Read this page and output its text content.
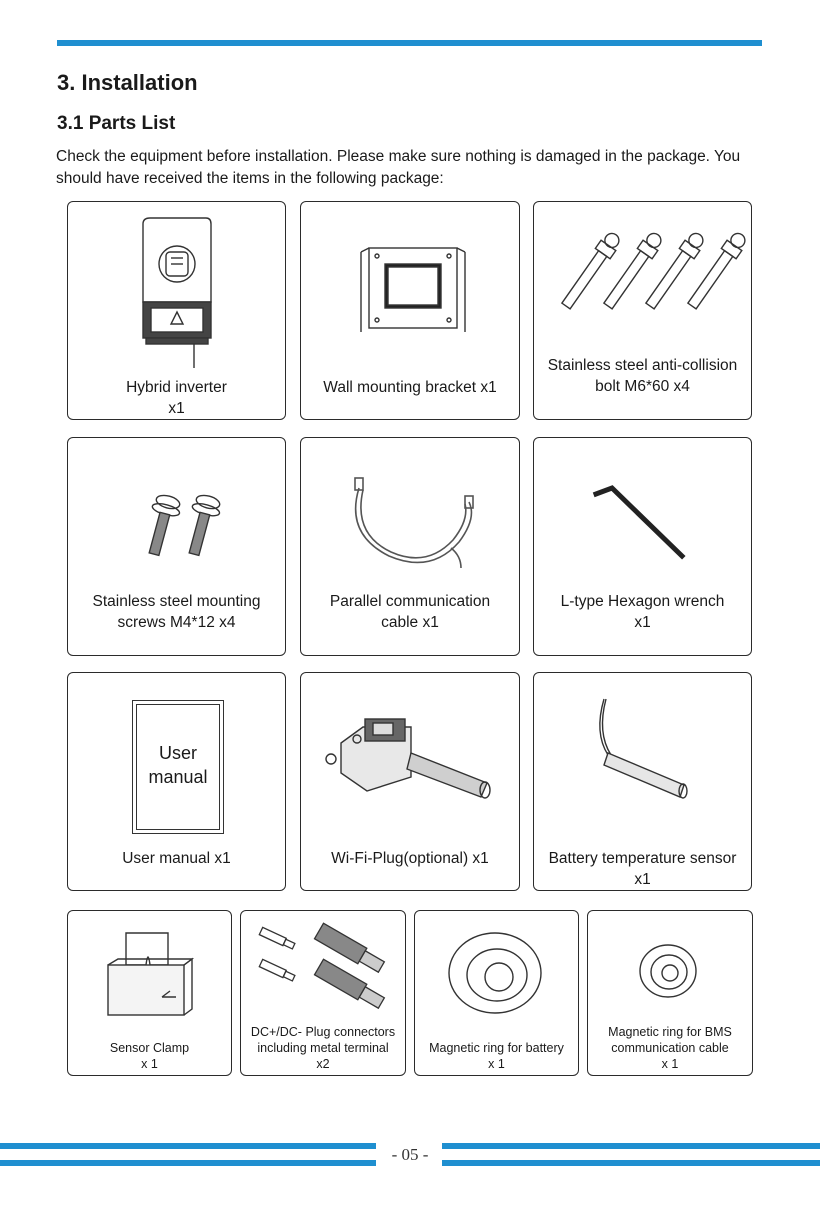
3. Installation
3.1 Parts List

Check the equipment before installation. Please make sure nothing is damaged in the package. You should have received the items in the following package:

Hybrid inverter
x1
Wall mounting bracket x1
Stainless steel anti-collision
bolt M6*60 x4
Stainless steel mounting
screws M4*12 x4
Parallel communication
cable x1
L-type Hexagon wrench
x1
User
manual
User manual x1	Wi-Fi-Plug(optional) x1	Battery temperature sensor
x1
Sensor Clamp
x 1
DC+/DC- Plug connectors
including metal terminal
x2
Magnetic ring for battery
x 1
Magnetic ring for BMS
communication cable
x 1
- 05 -
